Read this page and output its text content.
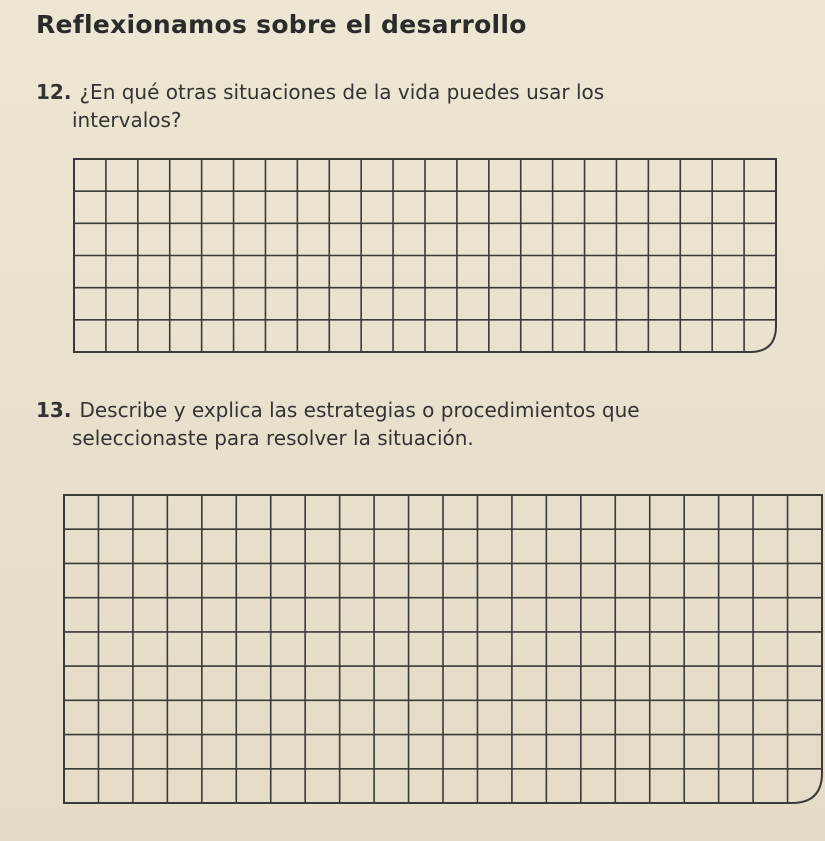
Reflexionamos sobre el desarrollo

12. ¿En qué otras situaciones de la vida puedes usar los
intervalos?

13. Describe y explica las estrategias o procedimientos que
seleccionaste para resolver la situación.
